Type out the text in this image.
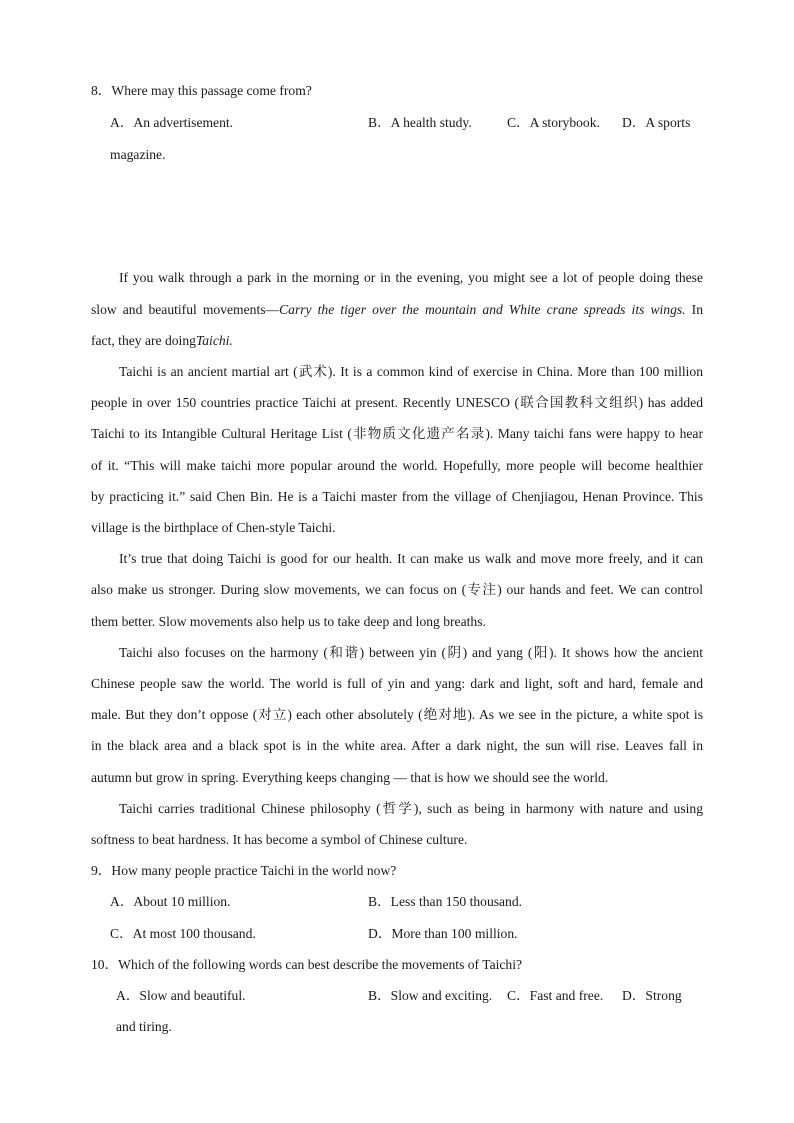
8．Where may this passage come from?
A．An advertisement.	B．A health study.	C．A storybook. D．A sports
magazine.
If you walk through a park in the morning or in the evening, you might see a lot of people doing these
slow and beautiful movements—Carry the tiger over the mountain and White crane spreads its wings. In
fact, they are doingTaichi.
Taichi is an ancient martial art (武术). It is a common kind of exercise in China. More than 100 million
people in over 150 countries practice Taichi at present. Recently UNESCO (联合国教科文组织) has added
Taichi to its Intangible Cultural Heritage List (非物质文化遗产名录). Many taichi fans were happy to hear
of it. “This will make taichi more popular around the world. Hopefully, more people will become healthier
by practicing it.” said Chen Bin. He is a Taichi master from the village of Chenjiagou, Henan Province. This
village is the birthplace of Chen-style Taichi.
It’s true that doing Taichi is good for our health. It can make us walk and move more freely, and it can
also make us stronger. During slow movements, we can focus on (专注) our hands and feet. We can control
them better. Slow movements also help us to take deep and long breaths.
Taichi also focuses on the harmony (和谐) between yin (阴) and yang (阳). It shows how the ancient
Chinese people saw the world. The world is full of yin and yang: dark and light, soft and hard, female and
male. But they don’t oppose (对立) each other absolutely (绝对地). As we see in the picture, a white spot is
in the black area and a black spot is in the white area. After a dark night, the sun will rise. Leaves fall in
autumn but grow in spring. Everything keeps changing — that is how we should see the world.
Taichi carries traditional Chinese philosophy (哲学), such as being in harmony with nature and using
softness to beat hardness. It has become a symbol of Chinese culture.
9．How many people practice Taichi in the world now?
A．About 10 million.	B．Less than 150 thousand.
C．At most 100 thousand.	D．More than 100 million.
10．Which of the following words can best describe the movements of Taichi?
A．Slow and beautiful.	B．Slow and exciting. C．Fast and free. D．Strong
and tiring.
